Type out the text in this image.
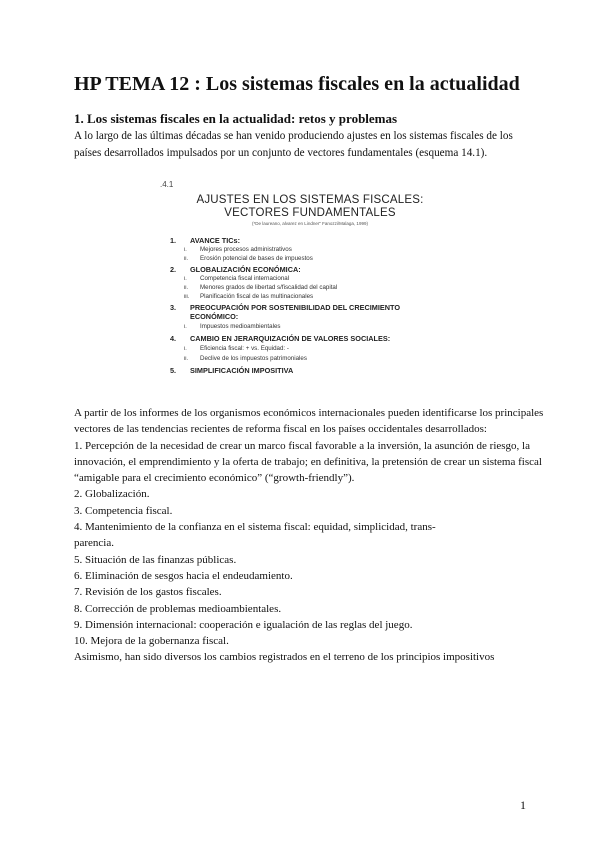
HP TEMA 12 : Los sistemas fiscales en la actualidad
1. Los sistemas fiscales en la actualidad: retos y problemas
A lo largo de las últimas décadas se han venido produciendo ajustes en los sistemas fiscales de los países desarrollados impulsados por un conjunto de vectores fundamentales (esquema 14.1).
.4.1
AJUSTES EN LOS SISTEMAS FISCALES:
VECTORES FUNDAMENTALES
(*De laureano, alvarez en Lindner" Fanozzi/Malaga, 1999)
1. AVANCE TICs:
i. Mejores procesos administrativos
ii. Erosión potencial de bases de impuestos
2. GLOBALIZACIÓN ECONÓMICA:
i. Competencia fiscal internacional
ii. Menores grados de libertad s/fiscalidad del capital
iii. Planificación fiscal de las multinacionales
3. PREOCUPACIÓN POR SOSTENIBILIDAD DEL CRECIMIENTO
ECONÓMICO:
i. Impuestos medioambientales
4. CAMBIO EN JERARQUIZACIÓN DE VALORES SOCIALES:
i. Eficiencia fiscal: + vs. Equidad: -
ii. Declive de los impuestos patrimoniales
5. SIMPLIFICACIÓN IMPOSITIVA

A partir de los informes de los organismos económicos internacionales pueden identificarse los principales vectores de las tendencias recientes de reforma fiscal en los países occidentales desarrollados:

1. Percepción de la necesidad de crear un marco fiscal favorable a la inversión, la asunción de riesgo, la innovación, el emprendimiento y la oferta de trabajo; en definitiva, la pretensión de crear un sistema fiscal “amigable para el crecimiento económico” (“growth-friendly”).

2. Globalización.

3. Competencia fiscal.

4. Mantenimiento de la confianza en el sistema fiscal: equidad, simplicidad, trans-

parencia.

5. Situación de las finanzas públicas.

6. Eliminación de sesgos hacia el endeudamiento.

7. Revisión de los gastos fiscales.

8. Corrección de problemas medioambientales.

9. Dimensión internacional: cooperación e igualación de las reglas del juego.

10. Mejora de la gobernanza fiscal.

Asimismo, han sido diversos los cambios registrados en el terreno de los principios impositivos

1
